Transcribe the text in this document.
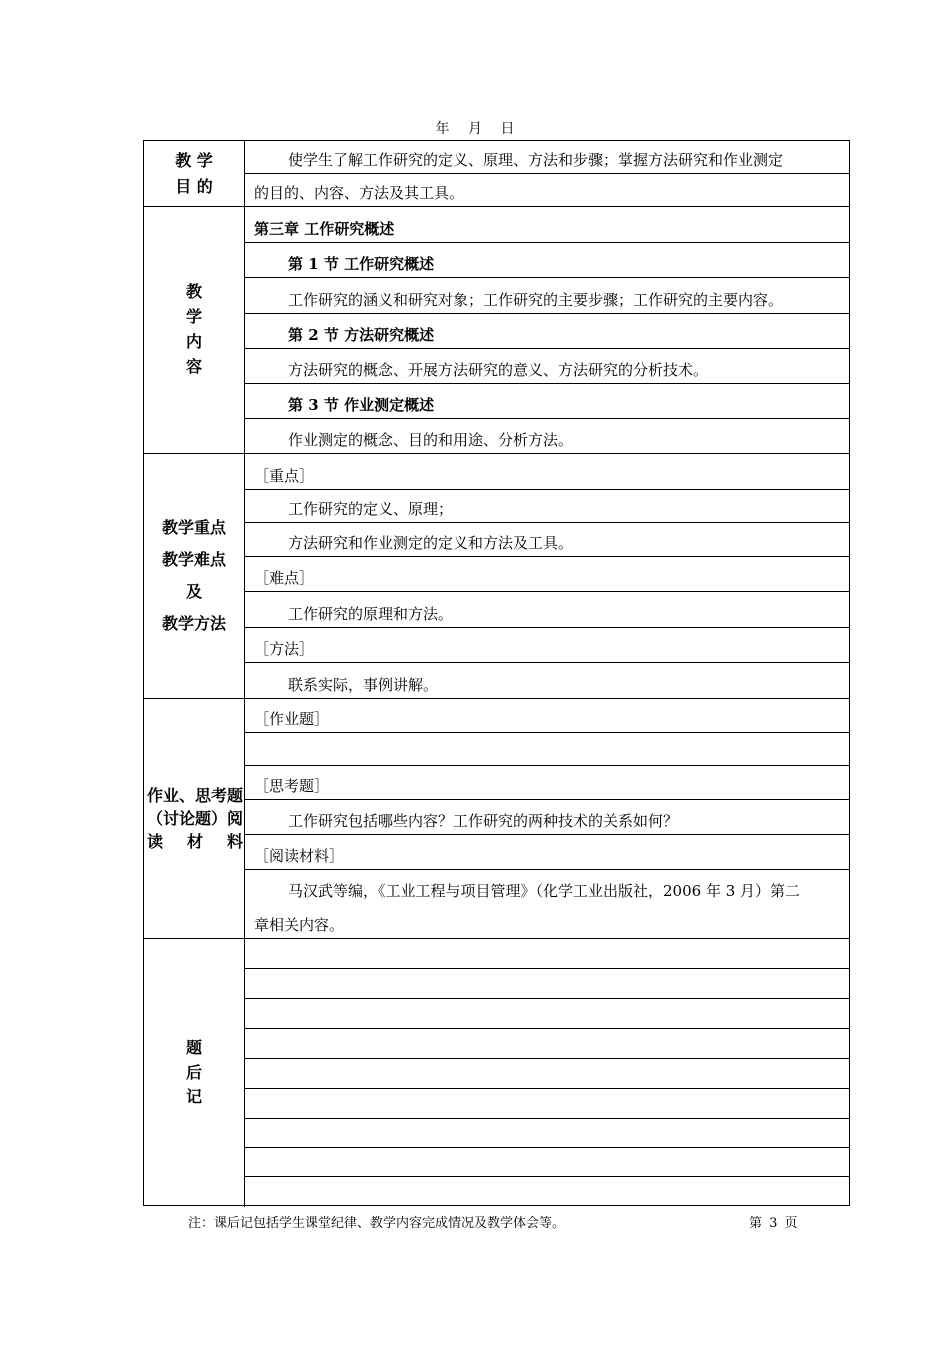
年 月 日
教 学
目 的
使学生了解工作研究的定义、原理、方法和步骤；掌握方法研究和作业测定
的目的、内容、方法及其工具。
教
学
内
容
第三章 工作研究概述
第 1 节 工作研究概述
工作研究的涵义和研究对象；工作研究的主要步骤；工作研究的主要内容。
第 2 节 方法研究概述
方法研究的概念、开展方法研究的意义、方法研究的分析技术。
第 3 节 作业测定概述
作业测定的概念、目的和用途、分析方法。
教学重点
教学难点
及
教学方法
［重点］
工作研究的定义、原理；
方法研究和作业测定的定义和方法及工具。
［难点］
工作研究的原理和方法。
［方法］
联系实际，事例讲解。
作业、思考题（讨论题）阅读材料
［作业题］
［思考题］
工作研究包括哪些内容？工作研究的两种技术的关系如何？
［阅读材料］
马汉武等编，《工业工程与项目管理》（化学工业出版社，2006 年 3 月）第二
章相关内容。
题
后
记
注：课后记包括学生课堂纪律、教学内容完成情况及教学体会等。	第 3 页
